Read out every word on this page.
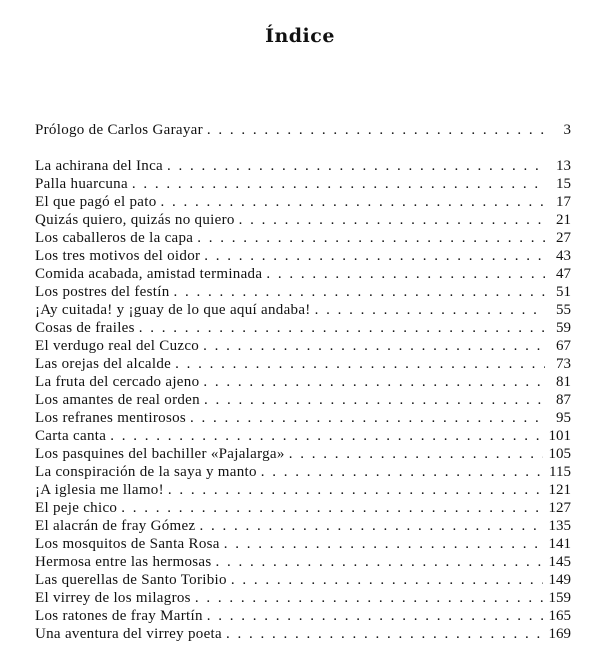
Índice
Prólogo de Carlos Garayar . . .	3
La achirana del Inca . . .	13
Palla huarcuna . . .	15
El que pagó el pato . . .	17
Quizás quiero, quizás no quiero . . .	21
Los caballeros de la capa . . .	27
Los tres motivos del oidor . . .	43
Comida acabada, amistad terminada . . .	47
Los postres del festín . . .	51
¡Ay cuitada! y ¡guay de lo que aquí andaba! . . .	55
Cosas de frailes . . .	59
El verdugo real del Cuzco . . .	67
Las orejas del alcalde . . .	73
La fruta del cercado ajeno . . .	81
Los amantes de real orden . . .	87
Los refranes mentirosos . . .	95
Carta canta . . .	101
Los pasquines del bachiller «Pajalarga» . . .	105
La conspiración de la saya y manto . . .	115
¡A iglesia me llamo! . . .	121
El peje chico . . .	127
El alacrán de fray Gómez . . .	135
Los mosquitos de Santa Rosa . . .	141
Hermosa entre las hermosas . . .	145
Las querellas de Santo Toribio . . .	149
El virrey de los milagros . . .	159
Los ratones de fray Martín . . .	165
Una aventura del virrey poeta . . .	169
